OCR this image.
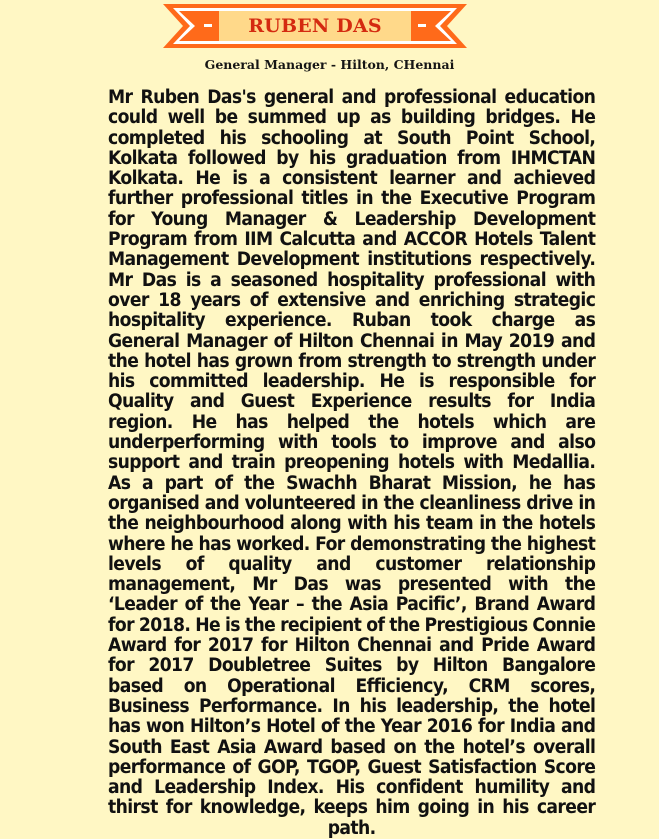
RUBEN DAS
General Manager - Hilton, CHennai

Mr Ruben Das's general and professional education could well be summed up as building bridges. He completed his schooling at South Point School, Kolkata followed by his graduation from IHMCTAN Kolkata. He is a consistent learner and achieved further professional titles in the Executive Program for Young Manager & Leadership Development Program from IIM Calcutta and ACCOR Hotels Talent Management Development institutions respectively. Mr Das is a seasoned hospitality professional with over 18 years of extensive and enriching strategic hospitality experience. Ruban took charge as General Manager of Hilton Chennai in May 2019 and the hotel has grown from strength to strength under his committed leadership. He is responsible for Quality and Guest Experience results for India region. He has helped the hotels which are underperforming with tools to improve and also support and train preopening hotels with Medallia. As a part of the Swachh Bharat Mission, he has organised and volunteered in the cleanliness drive in the neighbourhood along with his team in the hotels where he has worked. For demonstrating the highest levels of quality and customer relationship management, Mr Das was presented with the ‘Leader of the Year – the Asia Pacific’, Brand Award for 2018. He is the recipient of the Prestigious Connie Award for 2017 for Hilton Chennai and Pride Award for 2017 Doubletree Suites by Hilton Bangalore based on Operational Efficiency, CRM scores, Business Performance. In his leadership, the hotel has won Hilton’s Hotel of the Year 2016 for India and South East Asia Award based on the hotel’s overall performance of GOP, TGOP, Guest Satisfaction Score and Leadership Index. His confident humility and thirst for knowledge, keeps him going in his career path.
